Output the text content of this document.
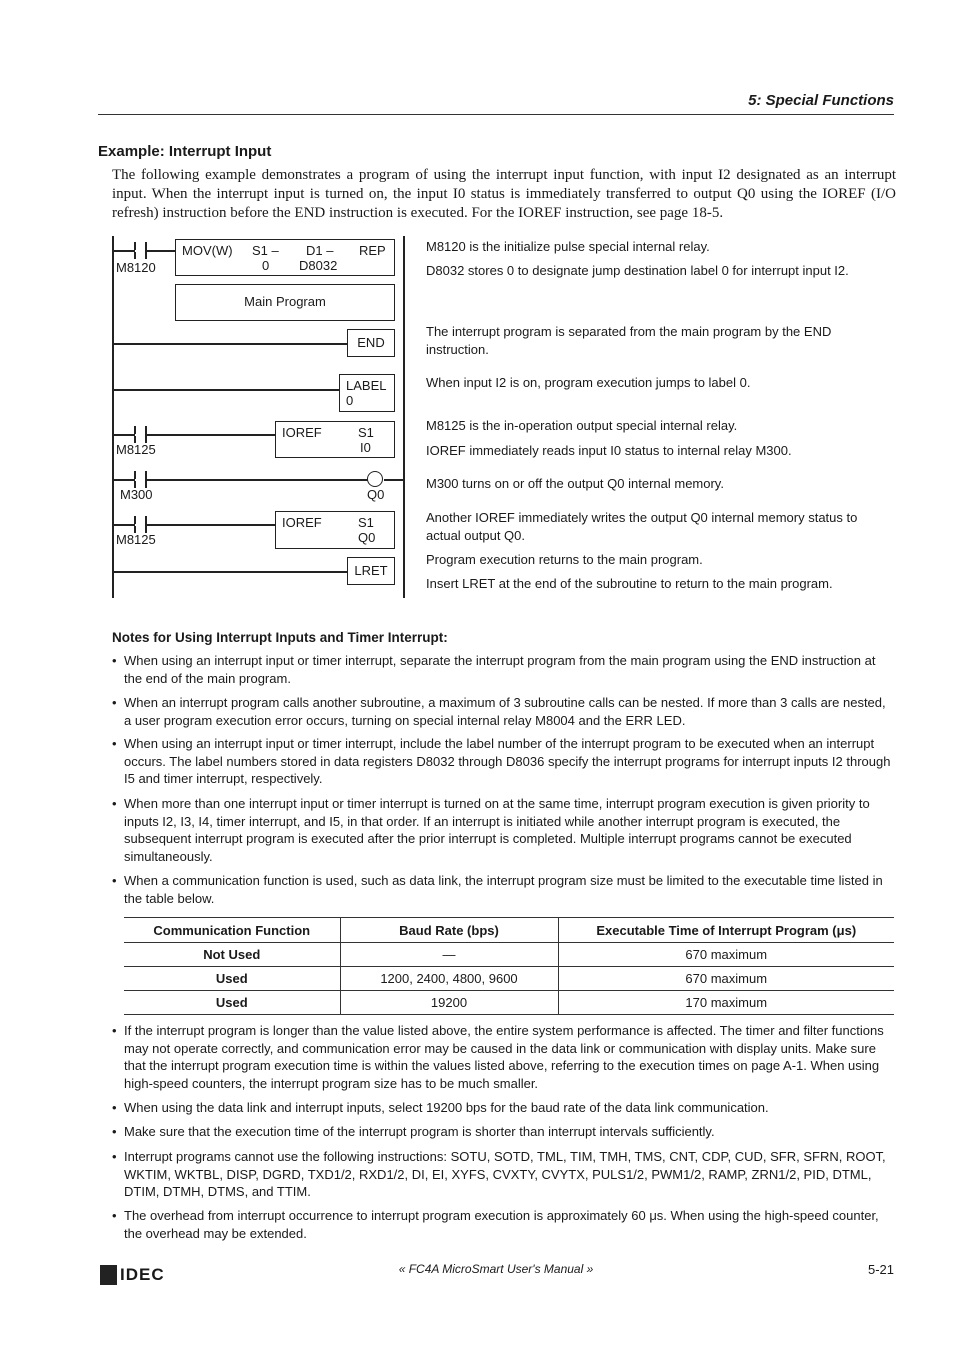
5: Special Functions
Example: Interrupt Input
The following example demonstrates a program of using the interrupt input function, with input I2 designated as an interrupt input. When the interrupt input is turned on, the input I0 status is immediately transferred to output Q0 using the IOREF (I/O refresh) instruction before the END instruction is executed. For the IOREF instruction, see page 18-5.
M8120
MOV(W) S1 –
0
D1 –
D8032
REP
Main Program
END
LABEL
0
M8125
IOREF	S1
I0
M300	Q0
M8125
IOREF	S1
Q0
LRET
M8120 is the initialize pulse special internal relay.
D8032 stores 0 to designate jump destination label 0 for interrupt input I2.
The interrupt program is separated from the main program by the END instruction.
When input I2 is on, program execution jumps to label 0.
M8125 is the in-operation output special internal relay.
IOREF immediately reads input I0 status to internal relay M300.
M300 turns on or off the output Q0 internal memory.
Another IOREF immediately writes the output Q0 internal memory status to actual output Q0.
Program execution returns to the main program.
Insert LRET at the end of the subroutine to return to the main program.
Notes for Using Interrupt Inputs and Timer Interrupt:
• When using an interrupt input or timer interrupt, separate the interrupt program from the main program using the END instruction at the end of the main program.
• When an interrupt program calls another subroutine, a maximum of 3 subroutine calls can be nested. If more than 3 calls are nested, a user program execution error occurs, turning on special internal relay M8004 and the ERR LED.
• When using an interrupt input or timer interrupt, include the label number of the interrupt program to be executed when an interrupt occurs. The label numbers stored in data registers D8032 through D8036 specify the interrupt programs for interrupt inputs I2 through I5 and timer interrupt, respectively.
• When more than one interrupt input or timer interrupt is turned on at the same time, interrupt program execution is given priority to inputs I2, I3, I4, timer interrupt, and I5, in that order. If an interrupt is initiated while another interrupt program is executed, the subsequent interrupt program is executed after the prior interrupt is completed. Multiple interrupt programs cannot be executed simultaneously.
• When a communication function is used, such as data link, the interrupt program size must be limited to the executable time listed in the table below.
Communication Function	Baud Rate (bps)	Executable Time of Interrupt Program (μs)
Not Used	—	670 maximum
Used	1200, 2400, 4800, 9600	670 maximum
Used	19200	170 maximum
• If the interrupt program is longer than the value listed above, the entire system performance is affected. The timer and filter functions may not operate correctly, and communication error may be caused in the data link or communication with display units. Make sure that the interrupt program execution time is within the values listed above, referring to the execution times on page A-1. When using high-speed counters, the interrupt program size has to be much smaller.
• When using the data link and interrupt inputs, select 19200 bps for the baud rate of the data link communication.
• Make sure that the execution time of the interrupt program is shorter than interrupt intervals sufficiently.
• Interrupt programs cannot use the following instructions: SOTU, SOTD, TML, TIM, TMH, TMS, CNT, CDP, CUD, SFR, SFRN, ROOT, WKTIM, WKTBL, DISP, DGRD, TXD1/2, RXD1/2, DI, EI, XYFS, CVXTY, CVYTX, PULS1/2, PWM1/2, RAMP, ZRN1/2, PID, DTML, DTIM, DTMH, DTMS, and TTIM.
• The overhead from interrupt occurrence to interrupt program execution is approximately 60 μs. When using the high-speed counter, the overhead may be extended.
IDEC	« FC4A MicroSmart User's Manual »	5-21
